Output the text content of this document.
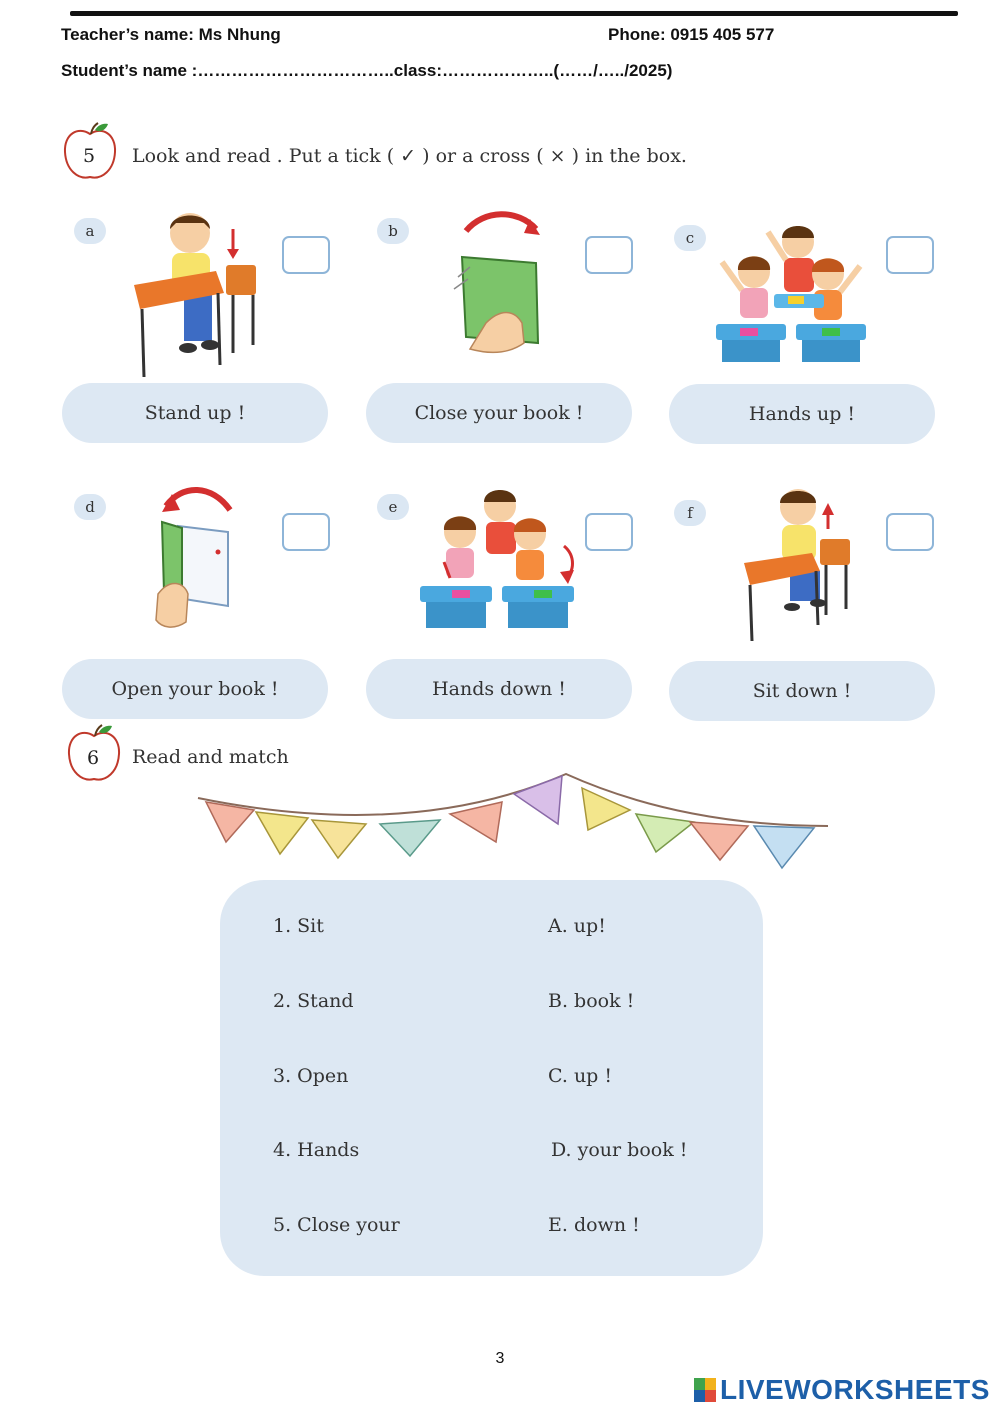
Teacher’s name: Ms Nhung	Phone: 0915 405 577
Student’s name :……………………………..class:………………..(……/…../2025)
5 Look and read . Put a tick ( ✓ ) or a cross ( × ) in the box.
a
Stand up !
b
Close your book !
c
Hands up !
d
Open your book !
e
Hands down !
f
Sit down !
6 Read and match
1. Sit
2. Stand
3. Open
4. Hands
5. Close your
A. up!
B. book !
C. up !
D. your book !
E. down !
3
LIVEWORKSHEETS
